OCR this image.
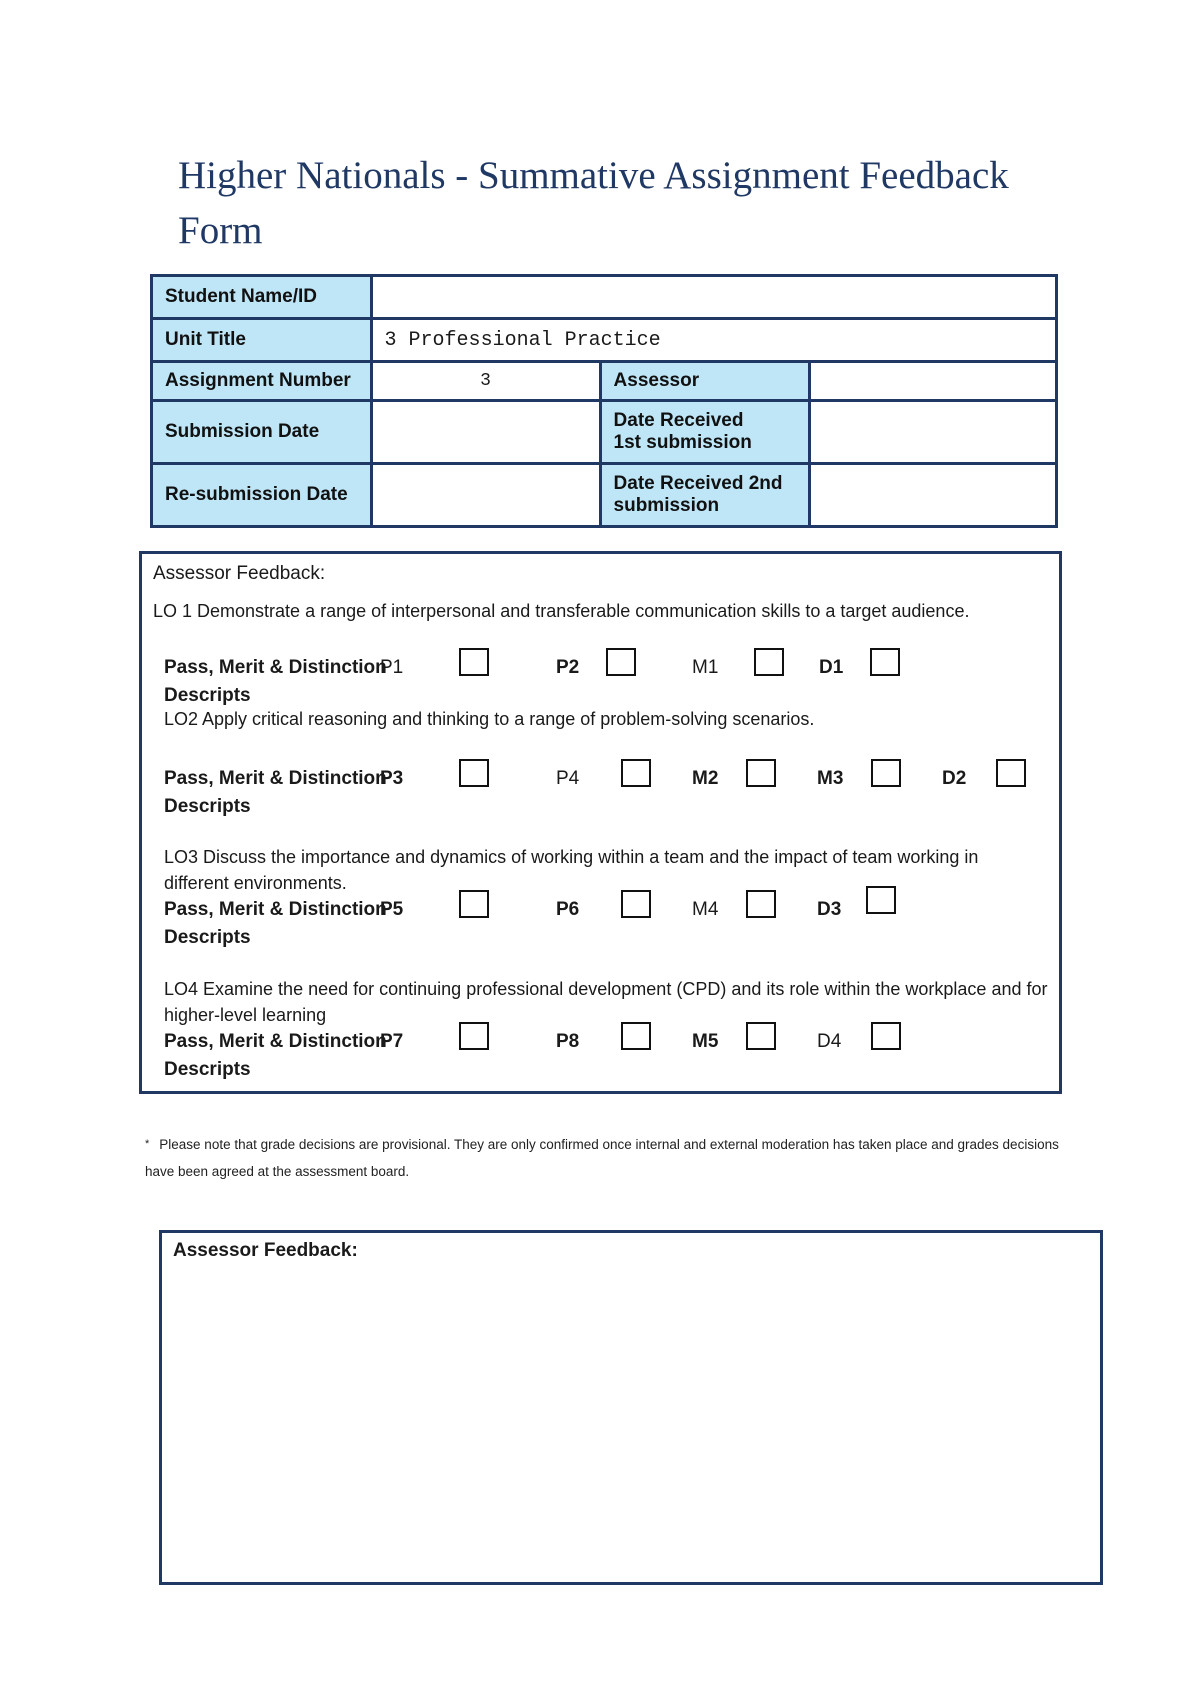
Higher Nationals - Summative Assignment Feedback Form
Student Name/ID			
Unit Title	3 Professional Practice		
Assignment Number	3	Assessor	
Submission Date		Date Received
1st submission	

Re-submission Date		Date Received 2nd
submission	

Assessor Feedback:
LO 1 Demonstrate a range of interpersonal and transferable communication skills to a target audience.
Pass, Merit & Distinction
Descripts
P1	P2	M1	D1
LO2 Apply critical reasoning and thinking to a range of problem-solving scenarios.
Pass, Merit & Distinction
Descripts
P3	P4	M2	M3	D2
LO3 Discuss the importance and dynamics of working within a team and the impact of team working in different environments.
Pass, Merit & Distinction
Descripts
P5	P6	M4	D3
LO4 Examine the need for continuing professional development (CPD) and its role within the workplace and for higher-level learning
Pass, Merit & Distinction
Descripts
P7	P8	M5	D4
* Please note that grade decisions are provisional. They are only confirmed once internal and external moderation has taken place and grades decisions have been agreed at the assessment board.
Assessor Feedback:
